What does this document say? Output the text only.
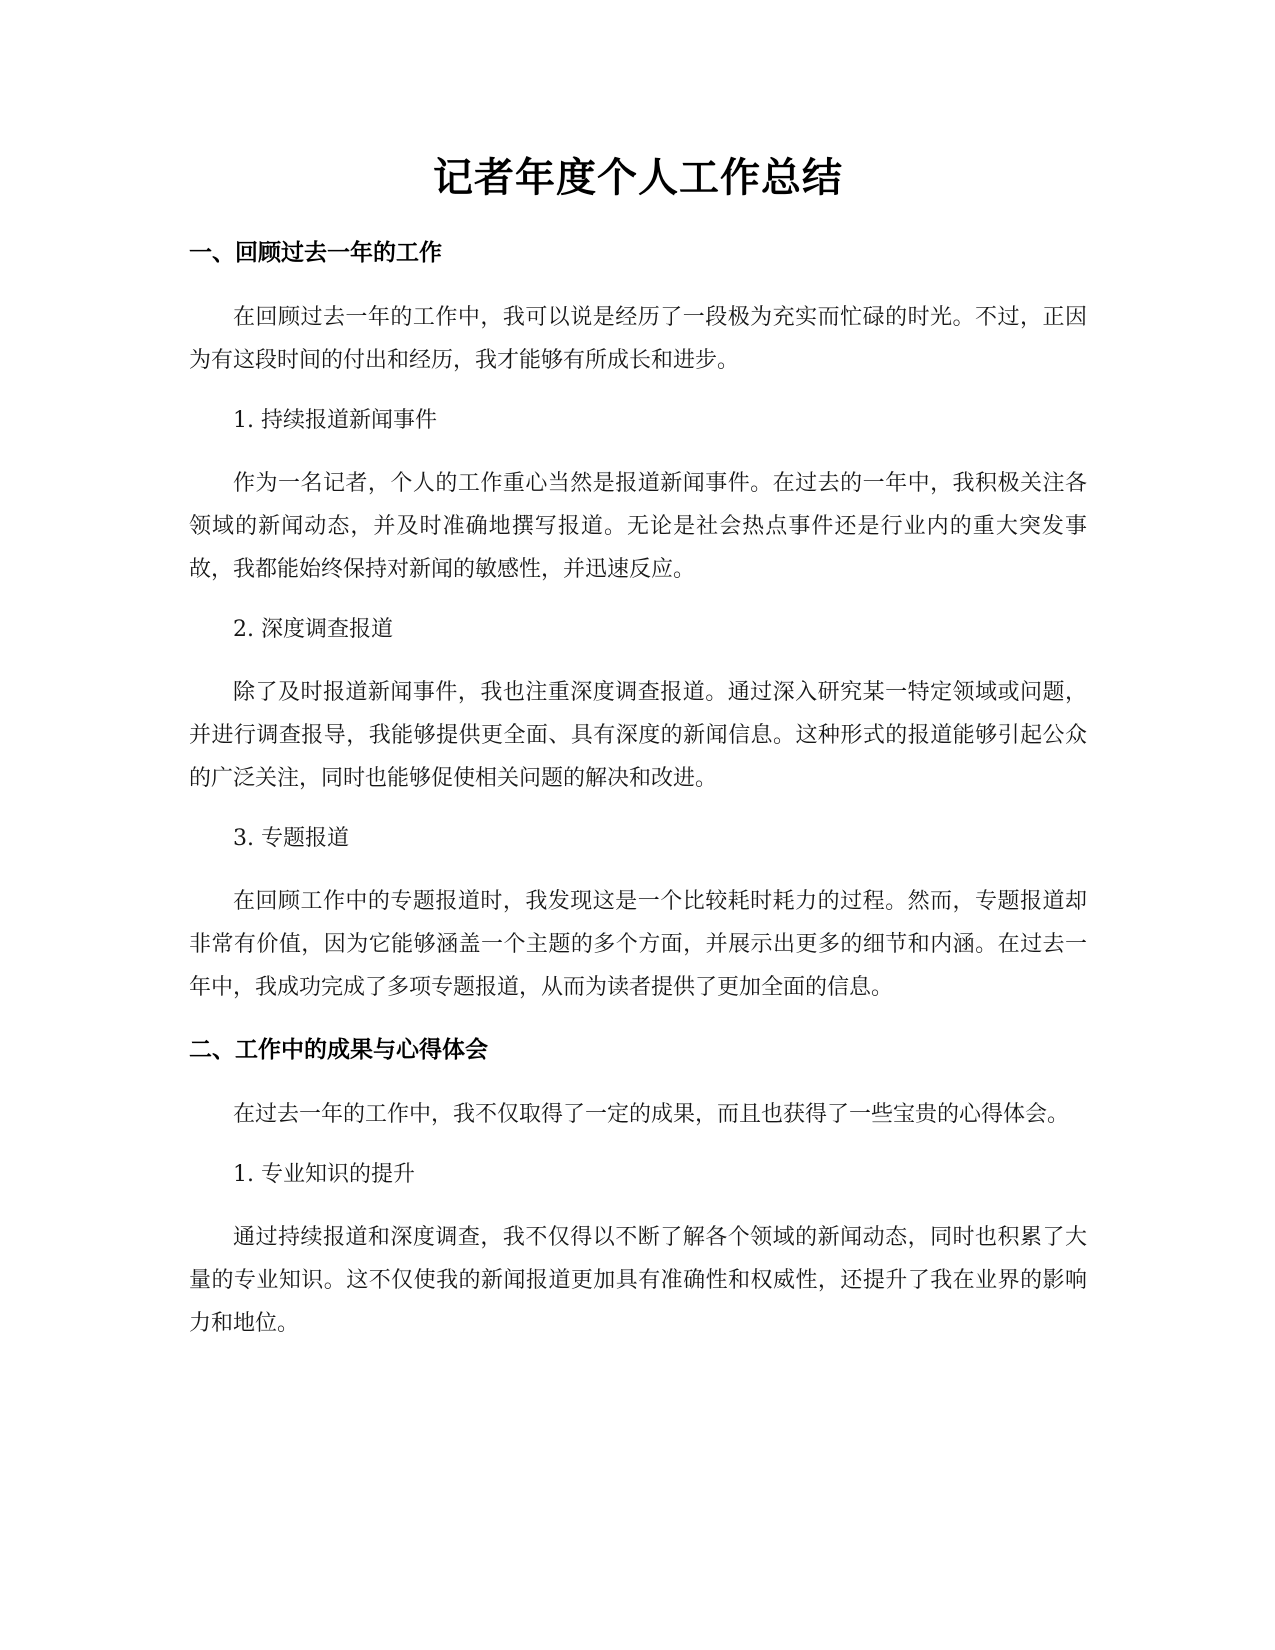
记者年度个人工作总结
一、回顾过去一年的工作

在回顾过去一年的工作中，我可以说是经历了一段极为充实而忙碌的时光。不过，正因为有这段时间的付出和经历，我才能够有所成长和进步。

1. 持续报道新闻事件

作为一名记者，个人的工作重心当然是报道新闻事件。在过去的一年中，我积极关注各领域的新闻动态，并及时准确地撰写报道。无论是社会热点事件还是行业内的重大突发事故，我都能始终保持对新闻的敏感性，并迅速反应。

2. 深度调查报道

除了及时报道新闻事件，我也注重深度调查报道。通过深入研究某一特定领域或问题，并进行调查报导，我能够提供更全面、具有深度的新闻信息。这种形式的报道能够引起公众的广泛关注，同时也能够促使相关问题的解决和改进。

3. 专题报道

在回顾工作中的专题报道时，我发现这是一个比较耗时耗力的过程。然而，专题报道却非常有价值，因为它能够涵盖一个主题的多个方面，并展示出更多的细节和内涵。在过去一年中，我成功完成了多项专题报道，从而为读者提供了更加全面的信息。

二、工作中的成果与心得体会

在过去一年的工作中，我不仅取得了一定的成果，而且也获得了一些宝贵的心得体会。

1. 专业知识的提升

通过持续报道和深度调查，我不仅得以不断了解各个领域的新闻动态，同时也积累了大量的专业知识。这不仅使我的新闻报道更加具有准确性和权威性，还提升了我在业界的影响力和地位。
